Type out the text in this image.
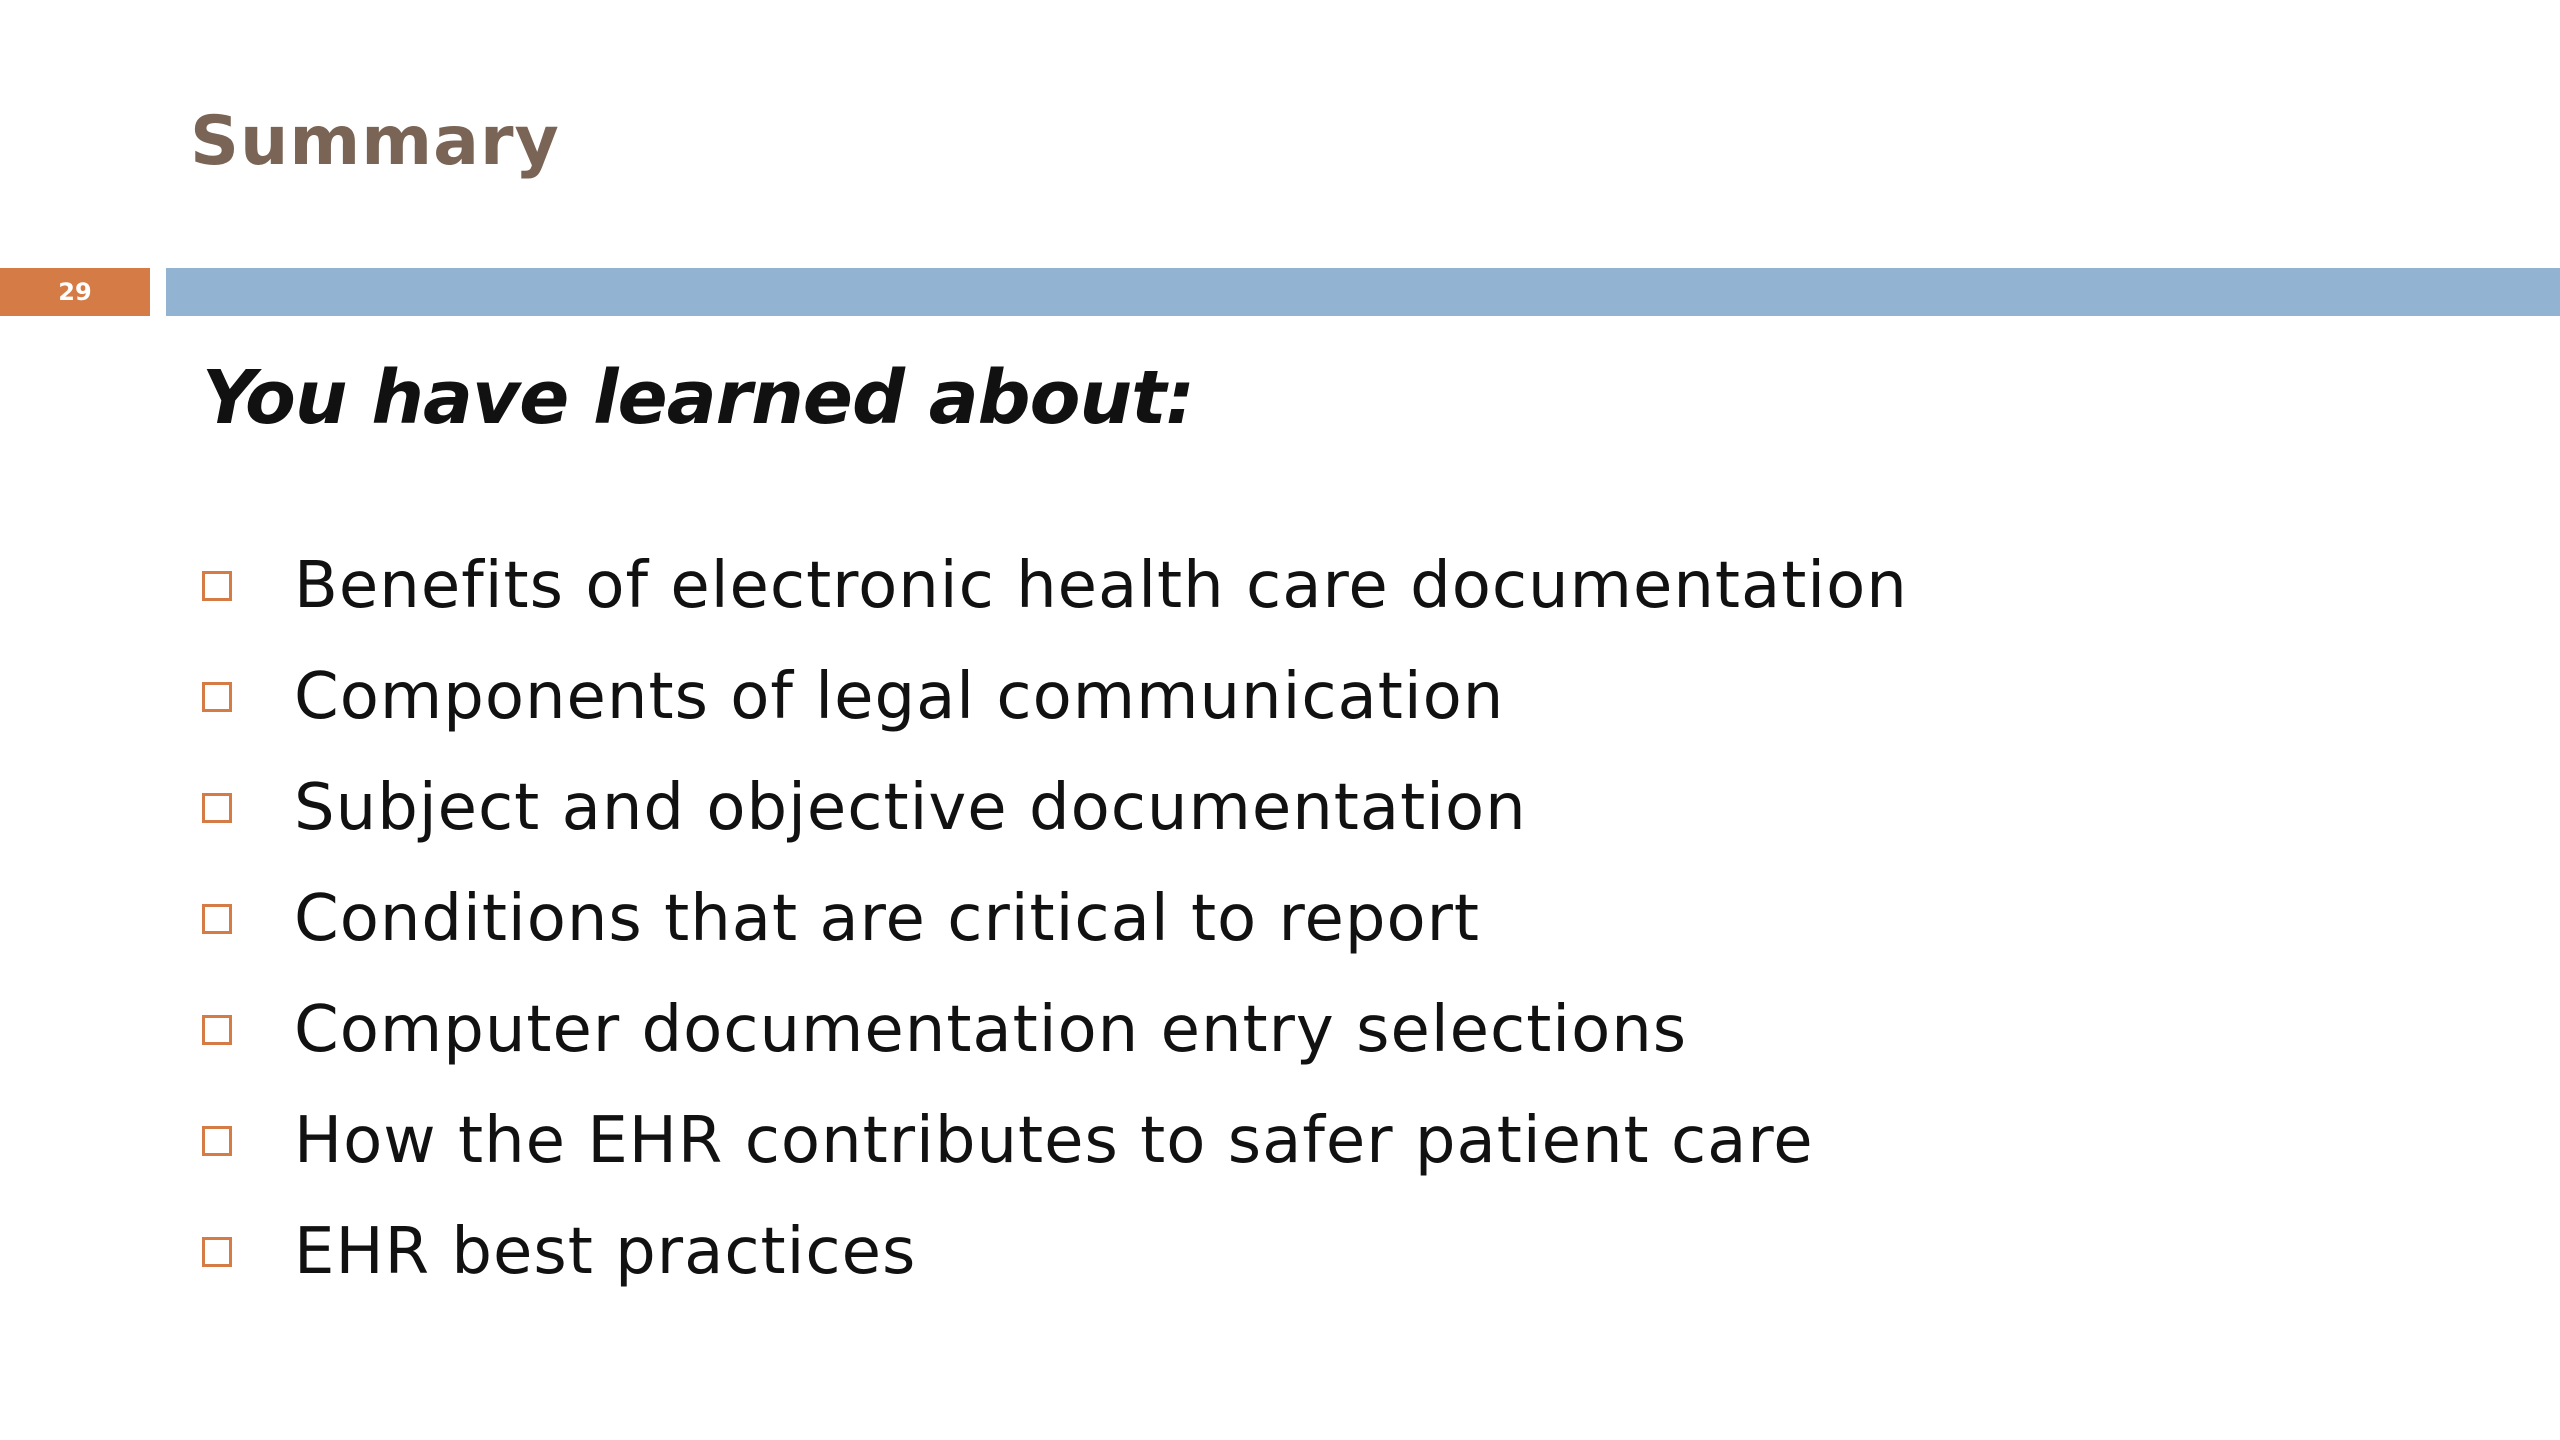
Summary
29

You have learned about:

Benefits of electronic health care documentation
Components of legal communication
Subject and objective documentation
Conditions that are critical to report
Computer documentation entry selections
How the EHR contributes to safer patient care
EHR best practices
